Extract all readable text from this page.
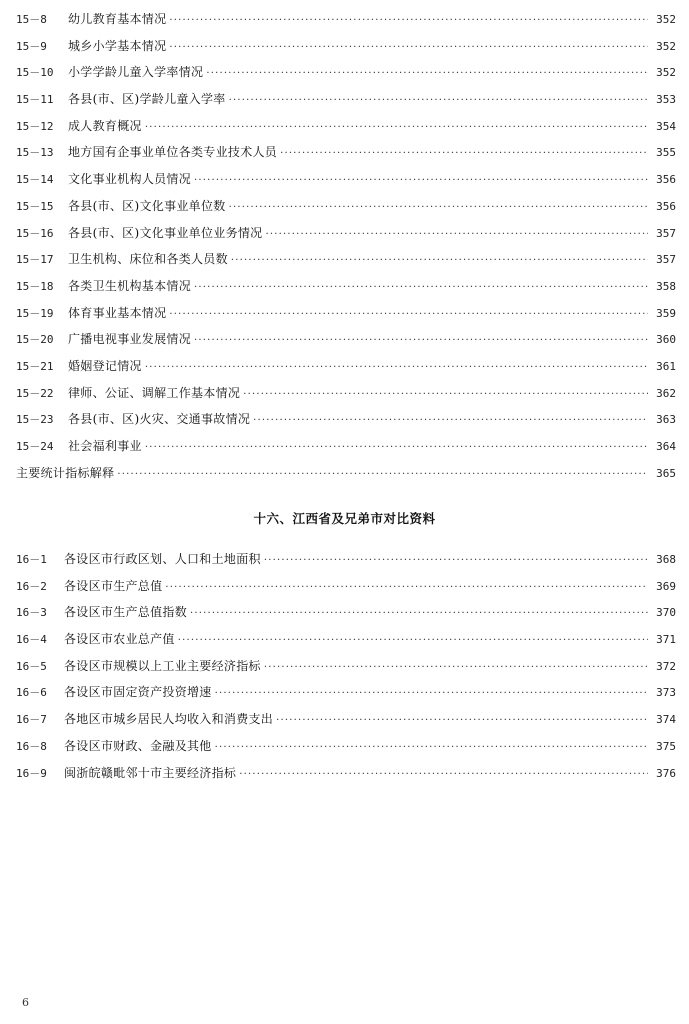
15－8	幼儿教育基本情况 ·····	352
15－9	城乡小学基本情况 ·····	352
15－10	小学学龄儿童入学率情况 ·····	352
15－11	各县(市、区)学龄儿童入学率 ·····	353
15－12	成人教育概况 ·····	354
15－13	地方国有企事业单位各类专业技术人员 ·····	355
15－14	文化事业机构人员情况 ·····	356
15－15	各县(市、区)文化事业单位数 ·····	356
15－16	各县(市、区)文化事业单位业务情况 ·····	357
15－17	卫生机构、床位和各类人员数 ·····	357
15－18	各类卫生机构基本情况 ·····	358
15－19	体育事业基本情况 ·····	359
15－20	广播电视事业发展情况 ·····	360
15－21	婚姻登记情况 ·····	361
15－22	律师、公证、调解工作基本情况 ·····	362
15－23	各县(市、区)火灾、交通事故情况 ·····	363
15－24	社会福利事业 ·····	364
主要统计指标解释 ·····	365
十六、江西省及兄弟市对比资料
16－1	各设区市行政区划、人口和土地面积 ·····	368
16－2	各设区市生产总值 ·····	369
16－3	各设区市生产总值指数 ·····	370
16－4	各设区市农业总产值 ·····	371
16－5	各设区市规模以上工业主要经济指标 ·····	372
16－6	各设区市固定资产投资增速 ·····	373
16－7	各地区市城乡居民人均收入和消费支出 ·····	374
16－8	各设区市财政、金融及其他 ·····	375
16－9	闽浙皖赣毗邻十市主要经济指标 ·····	376
6
